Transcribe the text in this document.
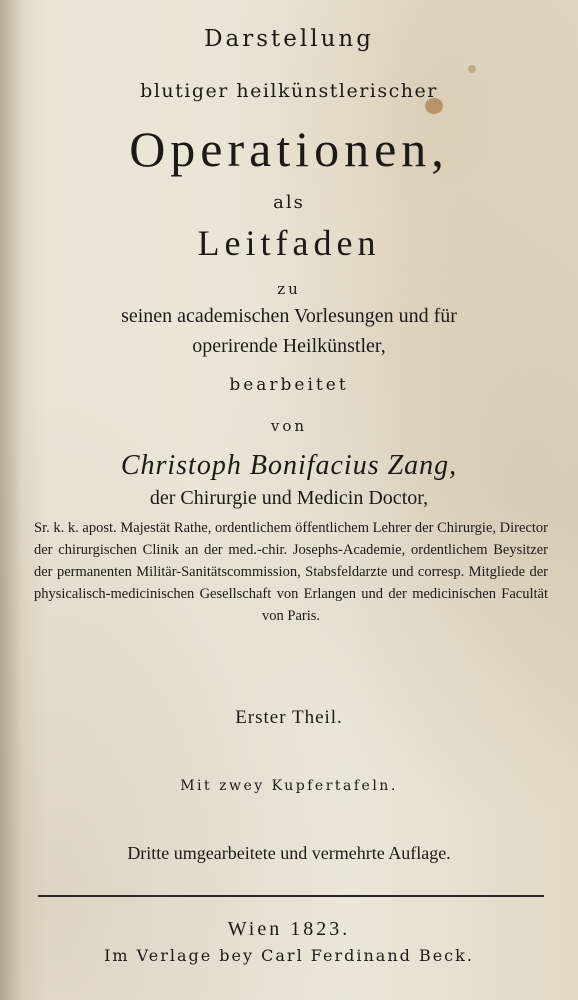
Darstellung
blutiger heilkünstlerischer
Operationen,
als
Leitfaden
zu
seinen academischen Vorlesungen und für
operirende Heilkünstler,
bearbeitet
von
Christoph Bonifacius Zang,
der Chirurgie und Medicin Doctor,
Sr. k. k. apost. Majestät Rathe, ordentlichem öffentlichem Lehrer der Chirurgie, Director der chirurgischen Clinik an der med.-chir. Josephs-Academie, ordentlichem Beysitzer der permanenten Militär-Sanitätscommission, Stabsfeldarzte und corresp. Mitgliede der physicalisch-medicinischen Gesellschaft von Erlangen und der medicinischen Facultät von Paris.
Erster Theil.
Mit zwey Kupfertafeln.
Dritte umgearbeitete und vermehrte Auflage.
Wien 1823.
Im Verlage bey Carl Ferdinand Beck.
